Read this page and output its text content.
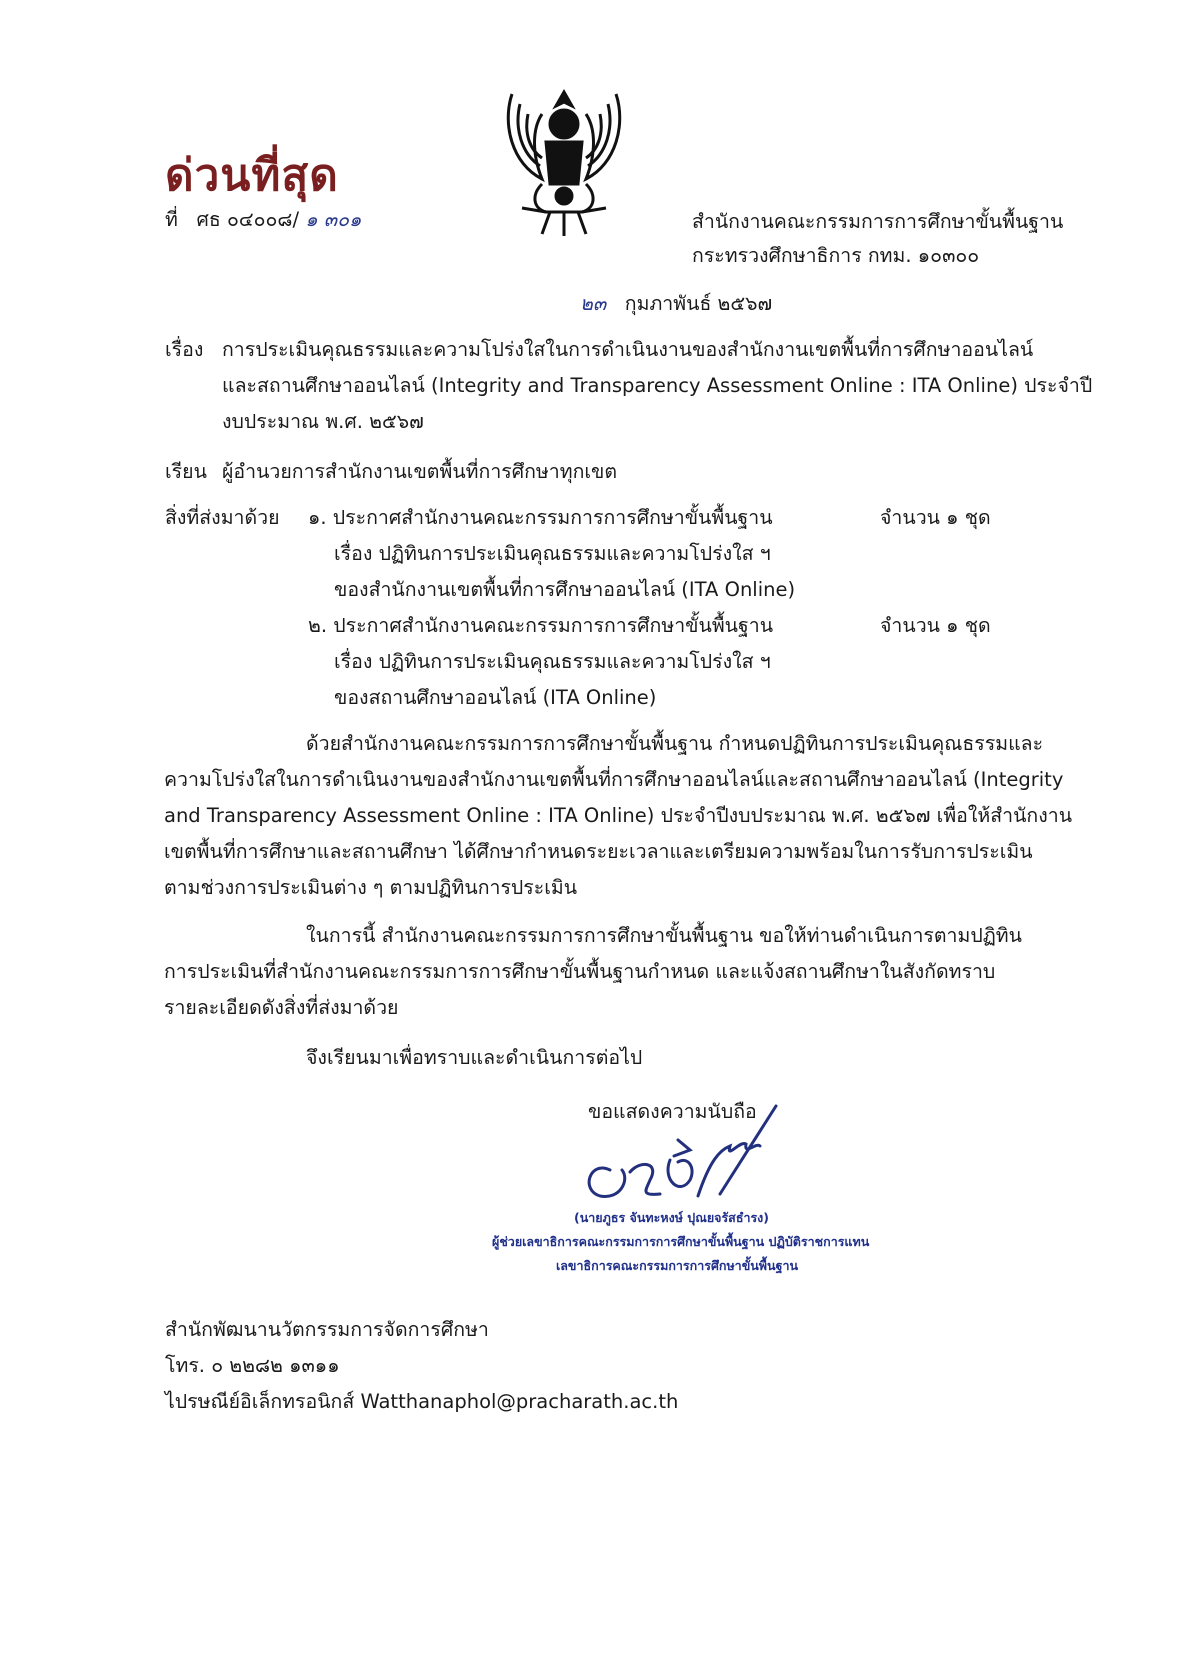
ด่วนที่สุด
ที่ ศธ ๐๔๐๐๘/ ๑ ๓๐๑	สำนักงานคณะกรรมการการศึกษาขั้นพื้นฐาน
กระทรวงศึกษาธิการ กทม. ๑๐๓๐๐
๒๓ กุมภาพันธ์ ๒๕๖๗
เรื่อง การประเมินคุณธรรมและความโปร่งใสในการดำเนินงานของสำนักงานเขตพื้นที่การศึกษาออนไลน์
และสถานศึกษาออนไลน์ (Integrity and Transparency Assessment Online : ITA Online) ประจำปี
งบประมาณ พ.ศ. ๒๕๖๗
เรียน ผู้อำนวยการสำนักงานเขตพื้นที่การศึกษาทุกเขต
สิ่งที่ส่งมาด้วย ๑. ประกาศสำนักงานคณะกรรมการการศึกษาขั้นพื้นฐาน
เรื่อง ปฏิทินการประเมินคุณธรรมและความโปร่งใส ฯ
ของสำนักงานเขตพื้นที่การศึกษาออนไลน์ (ITA Online)
จำนวน ๑ ชุด
๒. ประกาศสำนักงานคณะกรรมการการศึกษาขั้นพื้นฐาน
เรื่อง ปฏิทินการประเมินคุณธรรมและความโปร่งใส ฯ
ของสถานศึกษาออนไลน์ (ITA Online)
จำนวน ๑ ชุด
ด้วยสำนักงานคณะกรรมการการศึกษาขั้นพื้นฐาน กำหนดปฏิทินการประเมินคุณธรรมและ
ความโปร่งใสในการดำเนินงานของสำนักงานเขตพื้นที่การศึกษาออนไลน์และสถานศึกษาออนไลน์ (Integrity
and Transparency Assessment Online : ITA Online) ประจำปีงบประมาณ พ.ศ. ๒๕๖๗ เพื่อให้สำนักงาน
เขตพื้นที่การศึกษาและสถานศึกษา ได้ศึกษากำหนดระยะเวลาและเตรียมความพร้อมในการรับการประเมิน
ตามช่วงการประเมินต่าง ๆ ตามปฏิทินการประเมิน
ในการนี้ สำนักงานคณะกรรมการการศึกษาขั้นพื้นฐาน ขอให้ท่านดำเนินการตามปฏิทิน
การประเมินที่สำนักงานคณะกรรมการการศึกษาขั้นพื้นฐานกำหนด และแจ้งสถานศึกษาในสังกัดทราบ
รายละเอียดดังสิ่งที่ส่งมาด้วย
จึงเรียนมาเพื่อทราบและดำเนินการต่อไป
ขอแสดงความนับถือ
(นายภูธร จันทะหงษ์ ปุณยจรัสธำรง)
ผู้ช่วยเลขาธิการคณะกรรมการการศึกษาขั้นพื้นฐาน ปฏิบัติราชการแทน
เลขาธิการคณะกรรมการการศึกษาขั้นพื้นฐาน
สำนักพัฒนานวัตกรรมการจัดการศึกษา
โทร. ๐ ๒๒๘๒ ๑๓๑๑
ไปรษณีย์อิเล็กทรอนิกส์ Watthanaphol@pracharath.ac.th
